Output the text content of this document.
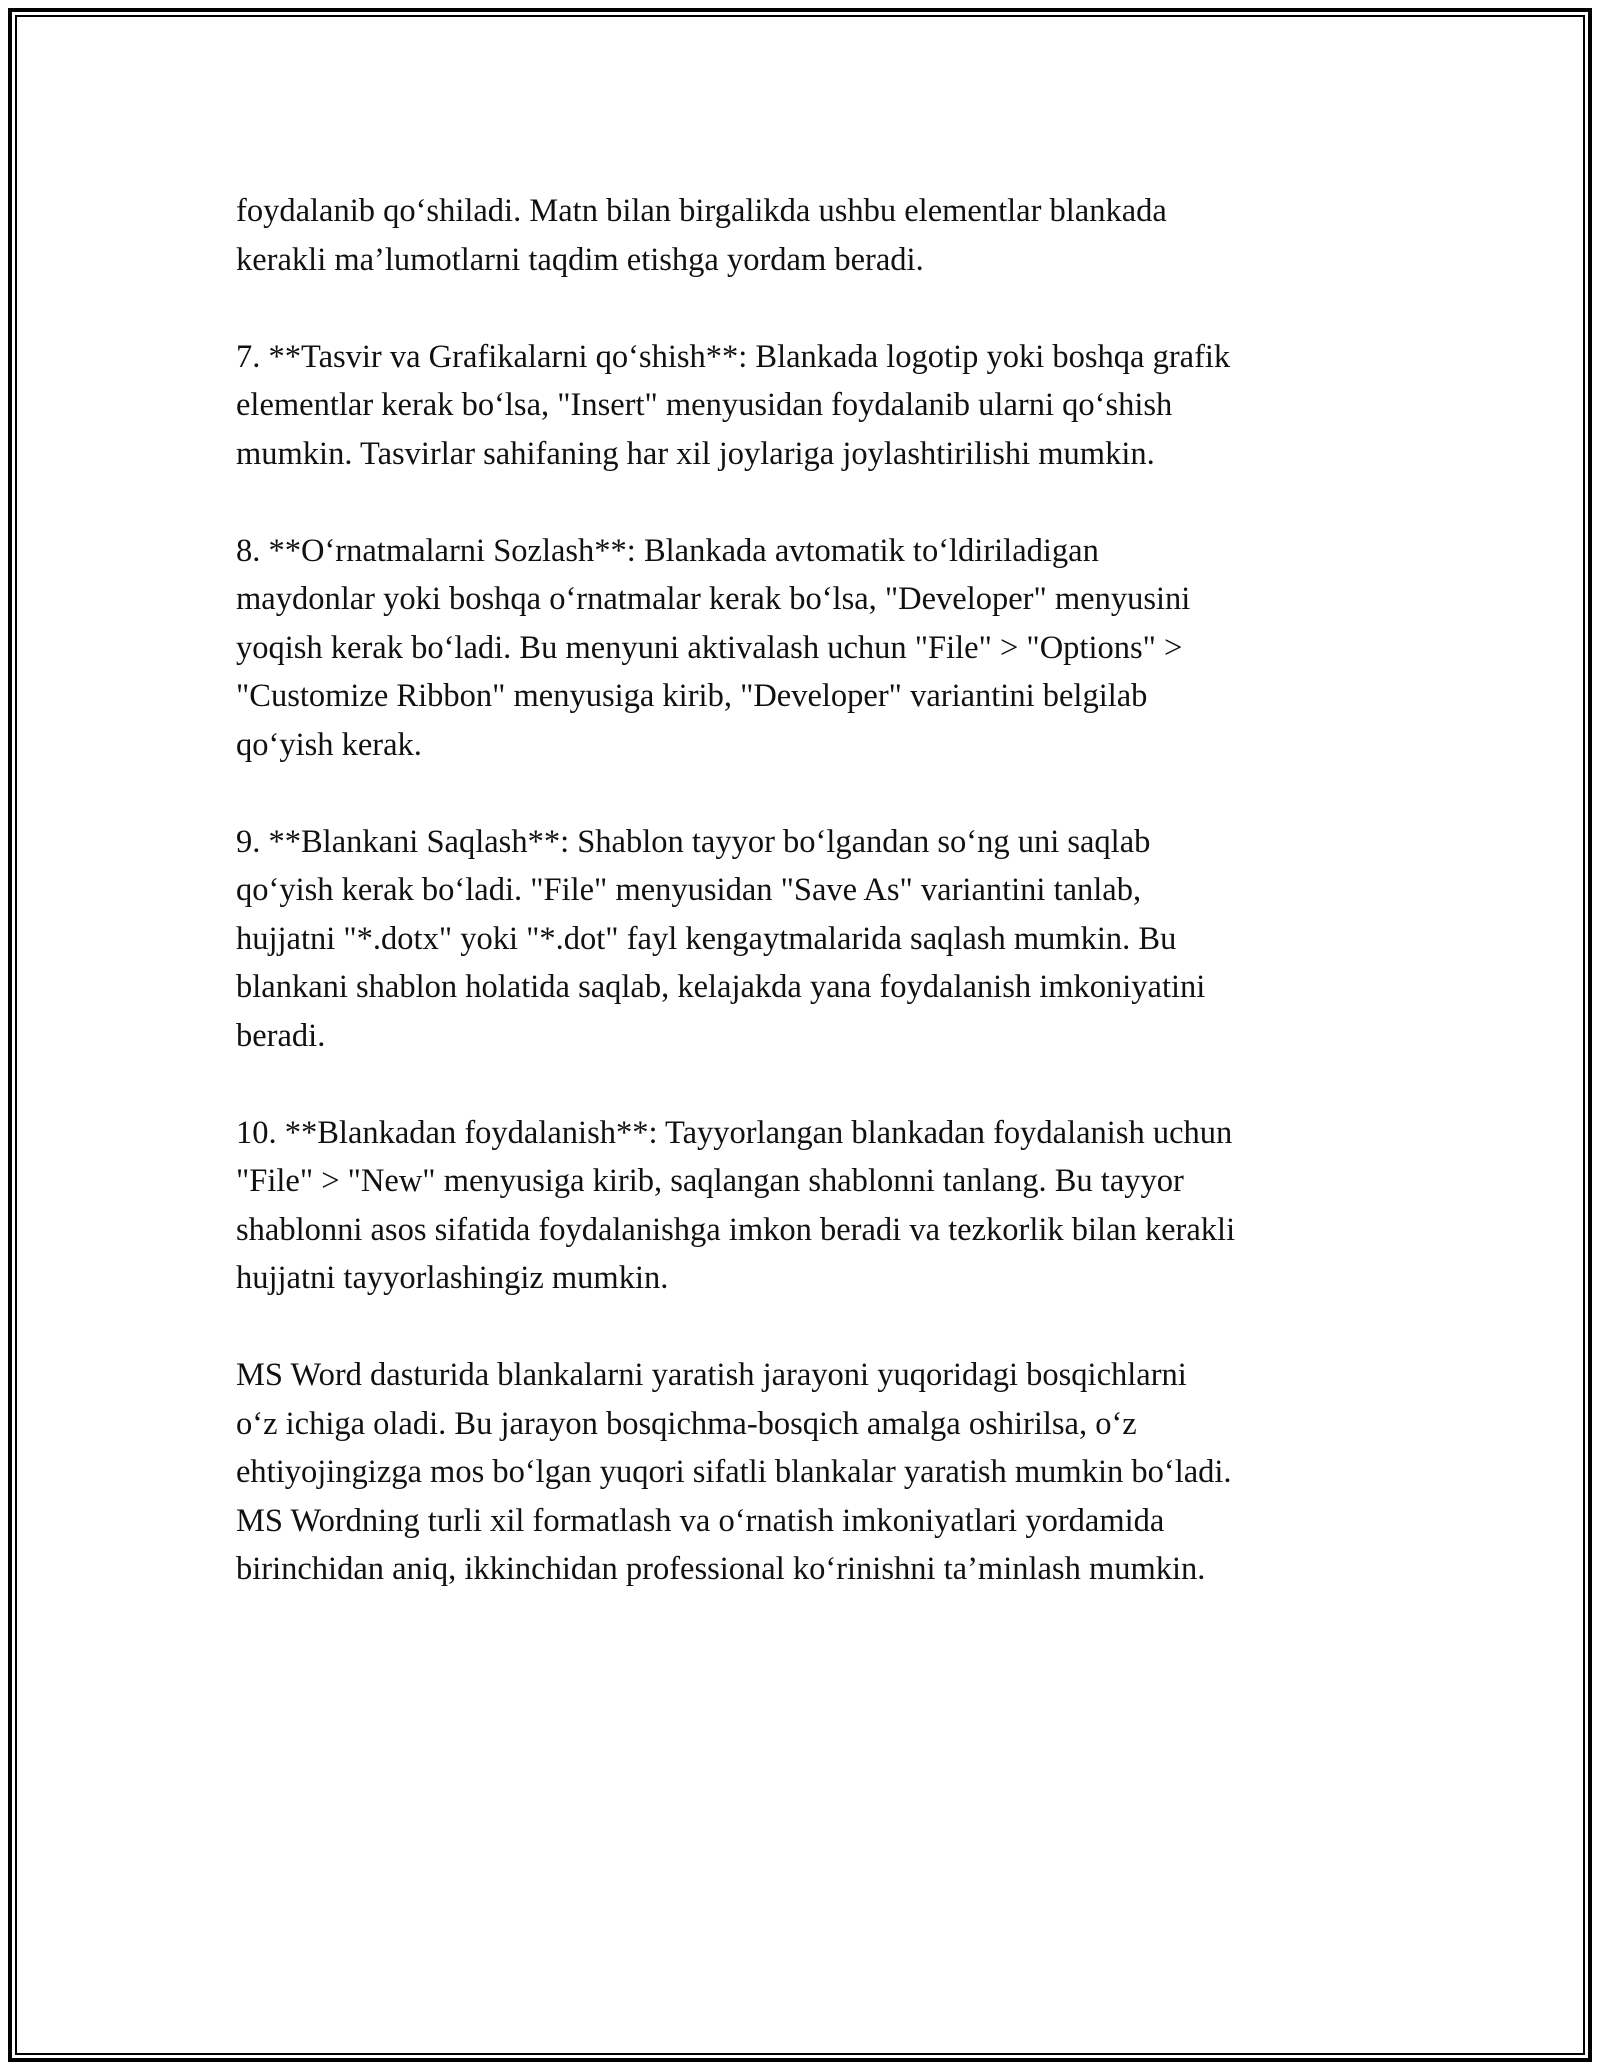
foydalanib qo‘shiladi. Matn bilan birgalikda ushbu elementlar blankada
kerakli ma’lumotlarni taqdim etishga yordam beradi.

7. **Tasvir va Grafikalarni qo‘shish**: Blankada logotip yoki boshqa grafik
elementlar kerak bo‘lsa, "Insert" menyusidan foydalanib ularni qo‘shish
mumkin. Tasvirlar sahifaning har xil joylariga joylashtirilishi mumkin.

8. **O‘rnatmalarni Sozlash**: Blankada avtomatik to‘ldiriladigan
maydonlar yoki boshqa o‘rnatmalar kerak bo‘lsa, "Developer" menyusini
yoqish kerak bo‘ladi. Bu menyuni aktivalash uchun "File" > "Options" >
"Customize Ribbon" menyusiga kirib, "Developer" variantini belgilab
qo‘yish kerak.

9. **Blankani Saqlash**: Shablon tayyor bo‘lgandan so‘ng uni saqlab
qo‘yish kerak bo‘ladi. "File" menyusidan "Save As" variantini tanlab,
hujjatni "*.dotx" yoki "*.dot" fayl kengaytmalarida saqlash mumkin. Bu
blankani shablon holatida saqlab, kelajakda yana foydalanish imkoniyatini
beradi.

10. **Blankadan foydalanish**: Tayyorlangan blankadan foydalanish uchun
"File" > "New" menyusiga kirib, saqlangan shablonni tanlang. Bu tayyor
shablonni asos sifatida foydalanishga imkon beradi va tezkorlik bilan kerakli
hujjatni tayyorlashingiz mumkin.

MS Word dasturida blankalarni yaratish jarayoni yuqoridagi bosqichlarni
o‘z ichiga oladi. Bu jarayon bosqichma-bosqich amalga oshirilsa, o‘z
ehtiyojingizga mos bo‘lgan yuqori sifatli blankalar yaratish mumkin bo‘ladi.
MS Wordning turli xil formatlash va o‘rnatish imkoniyatlari yordamida
birinchidan aniq, ikkinchidan professional ko‘rinishni ta’minlash mumkin.
